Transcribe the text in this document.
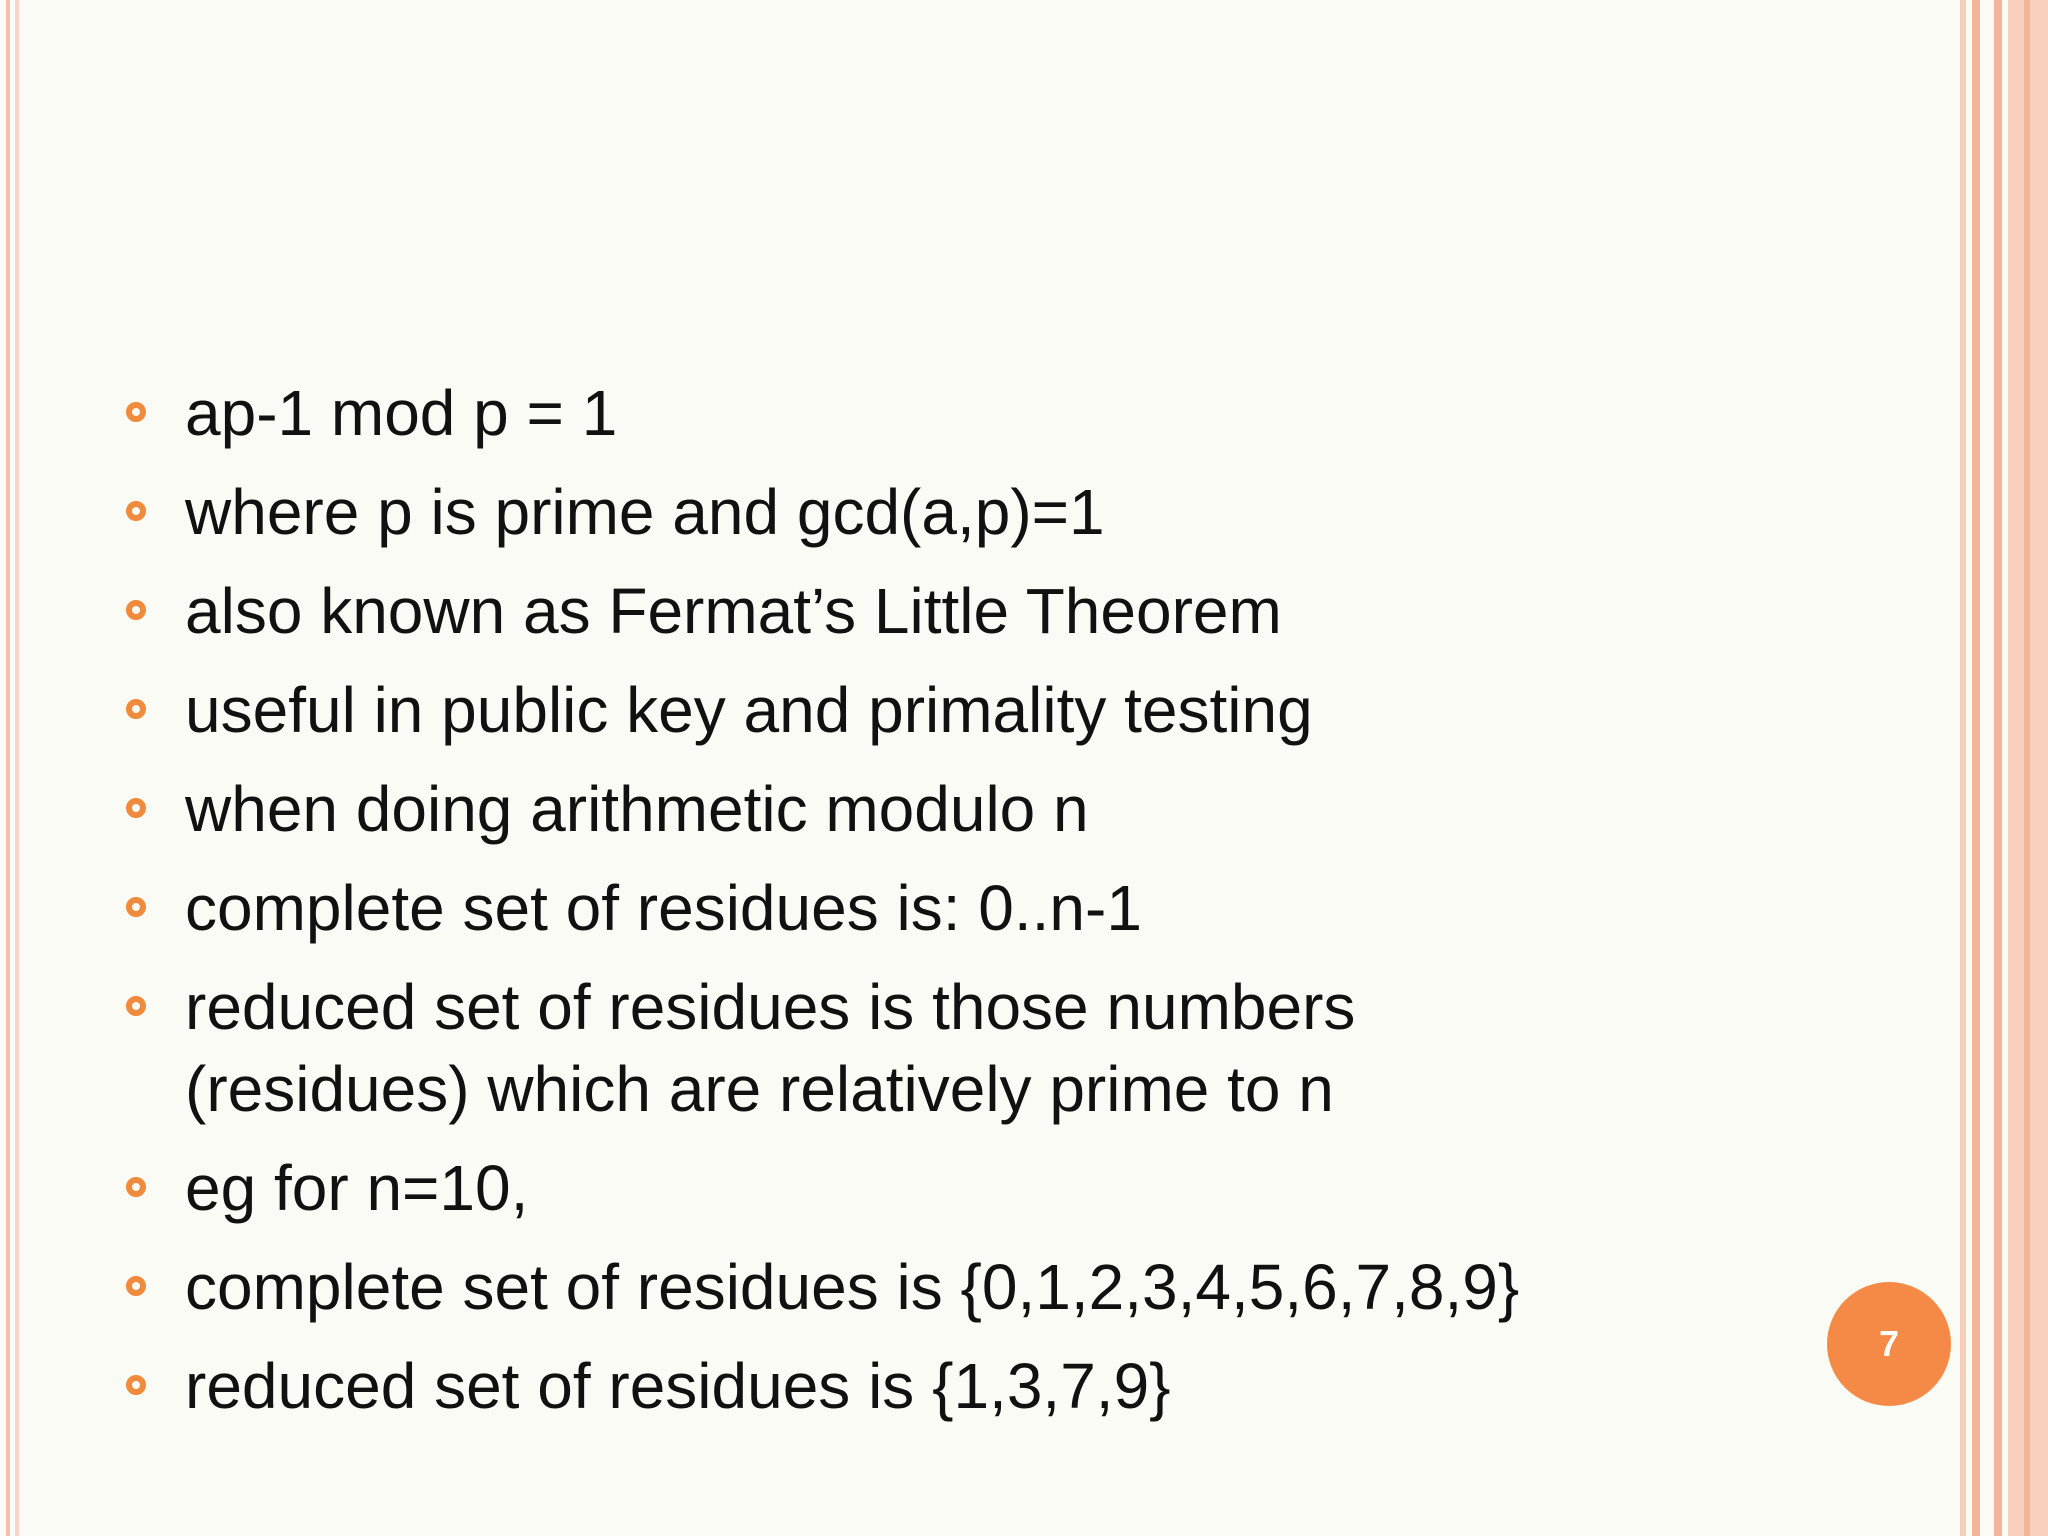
ap-1 mod p = 1
where p is prime and gcd(a,p)=1
also known as Fermat’s Little Theorem
useful in public key and primality testing
when doing arithmetic modulo n
complete set of residues is: 0..n-1
reduced set of residues is those numbers
(residues) which are relatively prime to n
eg for n=10,
complete set of residues is {0,1,2,3,4,5,6,7,8,9}
reduced set of residues is {1,3,7,9}
7
